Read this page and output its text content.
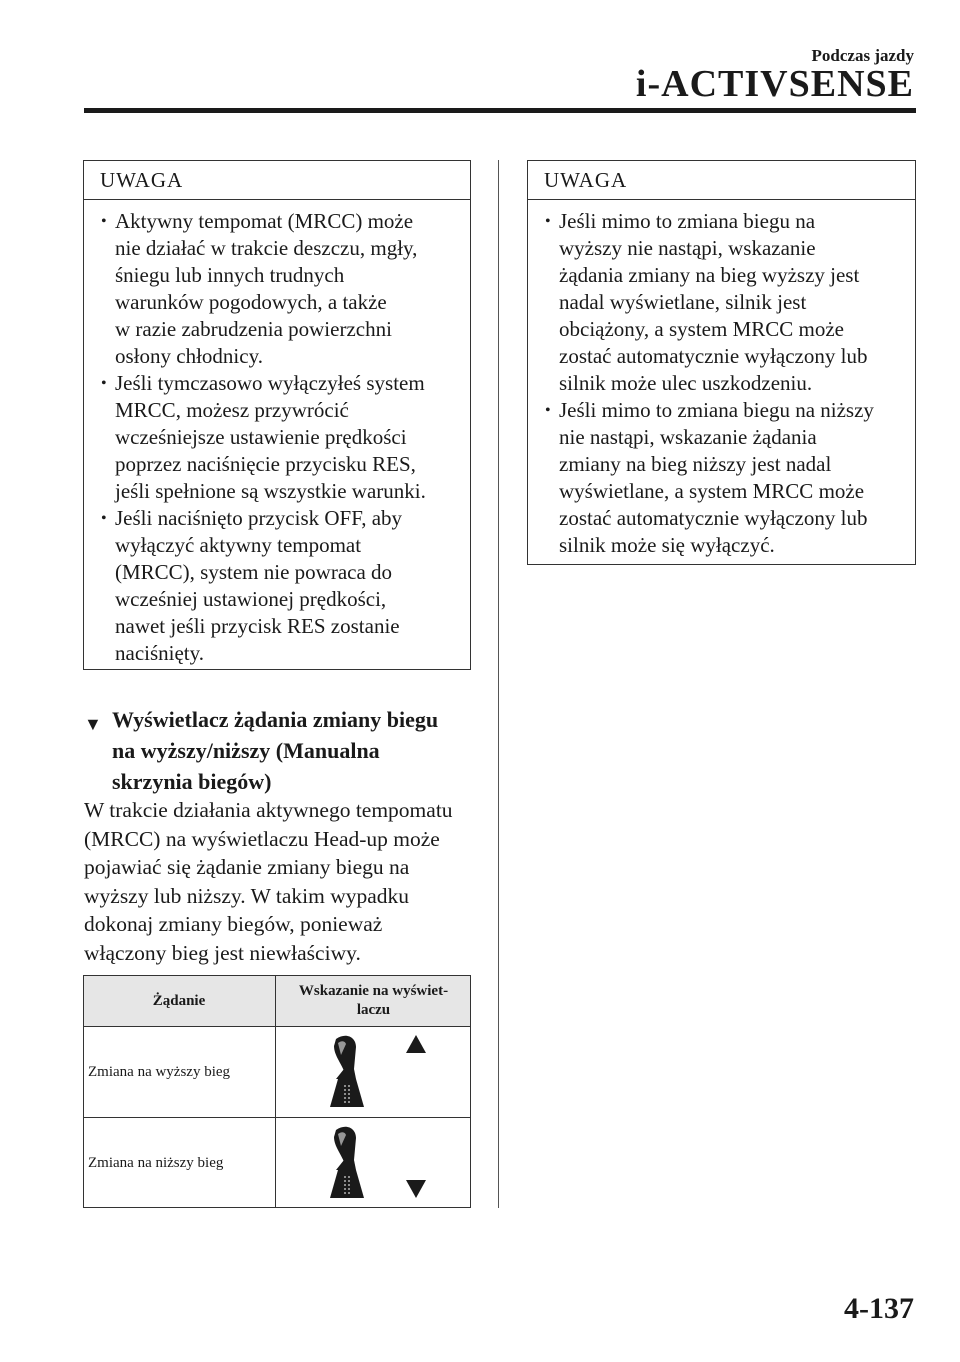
Podczas jazdy
i-ACTIVSENSE
UWAGA
• Aktywny tempomat (MRCC) może
nie działać w trakcie deszczu, mgły,
śniegu lub innych trudnych
warunków pogodowych, a także
w razie zabrudzenia powierzchni
osłony chłodnicy.
• Jeśli tymczasowo wyłączyłeś system
MRCC, możesz przywrócić
wcześniejsze ustawienie prędkości
poprzez naciśnięcie przycisku RES,
jeśli spełnione są wszystkie warunki.
• Jeśli naciśnięto przycisk OFF, aby
wyłączyć aktywny tempomat
(MRCC), system nie powraca do
wcześniej ustawionej prędkości,
nawet jeśli przycisk RES zostanie
naciśnięty.
▼ Wyświetlacz żądania zmiany biegu
na wyższy/niższy (Manualna
skrzynia biegów)
W trakcie działania aktywnego tempomatu
(MRCC) na wyświetlaczu Head-up może
pojawiać się żądanie zmiany biegu na
wyższy lub niższy. W takim wypadku
dokonaj zmiany biegów, ponieważ
włączony bieg jest niewłaściwy.
Żądanie
Wskazanie na wyświet-
laczu
Zmiana na wyższy bieg
Zmiana na niższy bieg
UWAGA
• Jeśli mimo to zmiana biegu na
wyższy nie nastąpi, wskazanie
żądania zmiany na bieg wyższy jest
nadal wyświetlane, silnik jest
obciążony, a system MRCC może
zostać automatycznie wyłączony lub
silnik może ulec uszkodzeniu.
• Jeśli mimo to zmiana biegu na niższy
nie nastąpi, wskazanie żądania
zmiany na bieg niższy jest nadal
wyświetlane, a system MRCC może
zostać automatycznie wyłączony lub
silnik może się wyłączyć.
4-137
